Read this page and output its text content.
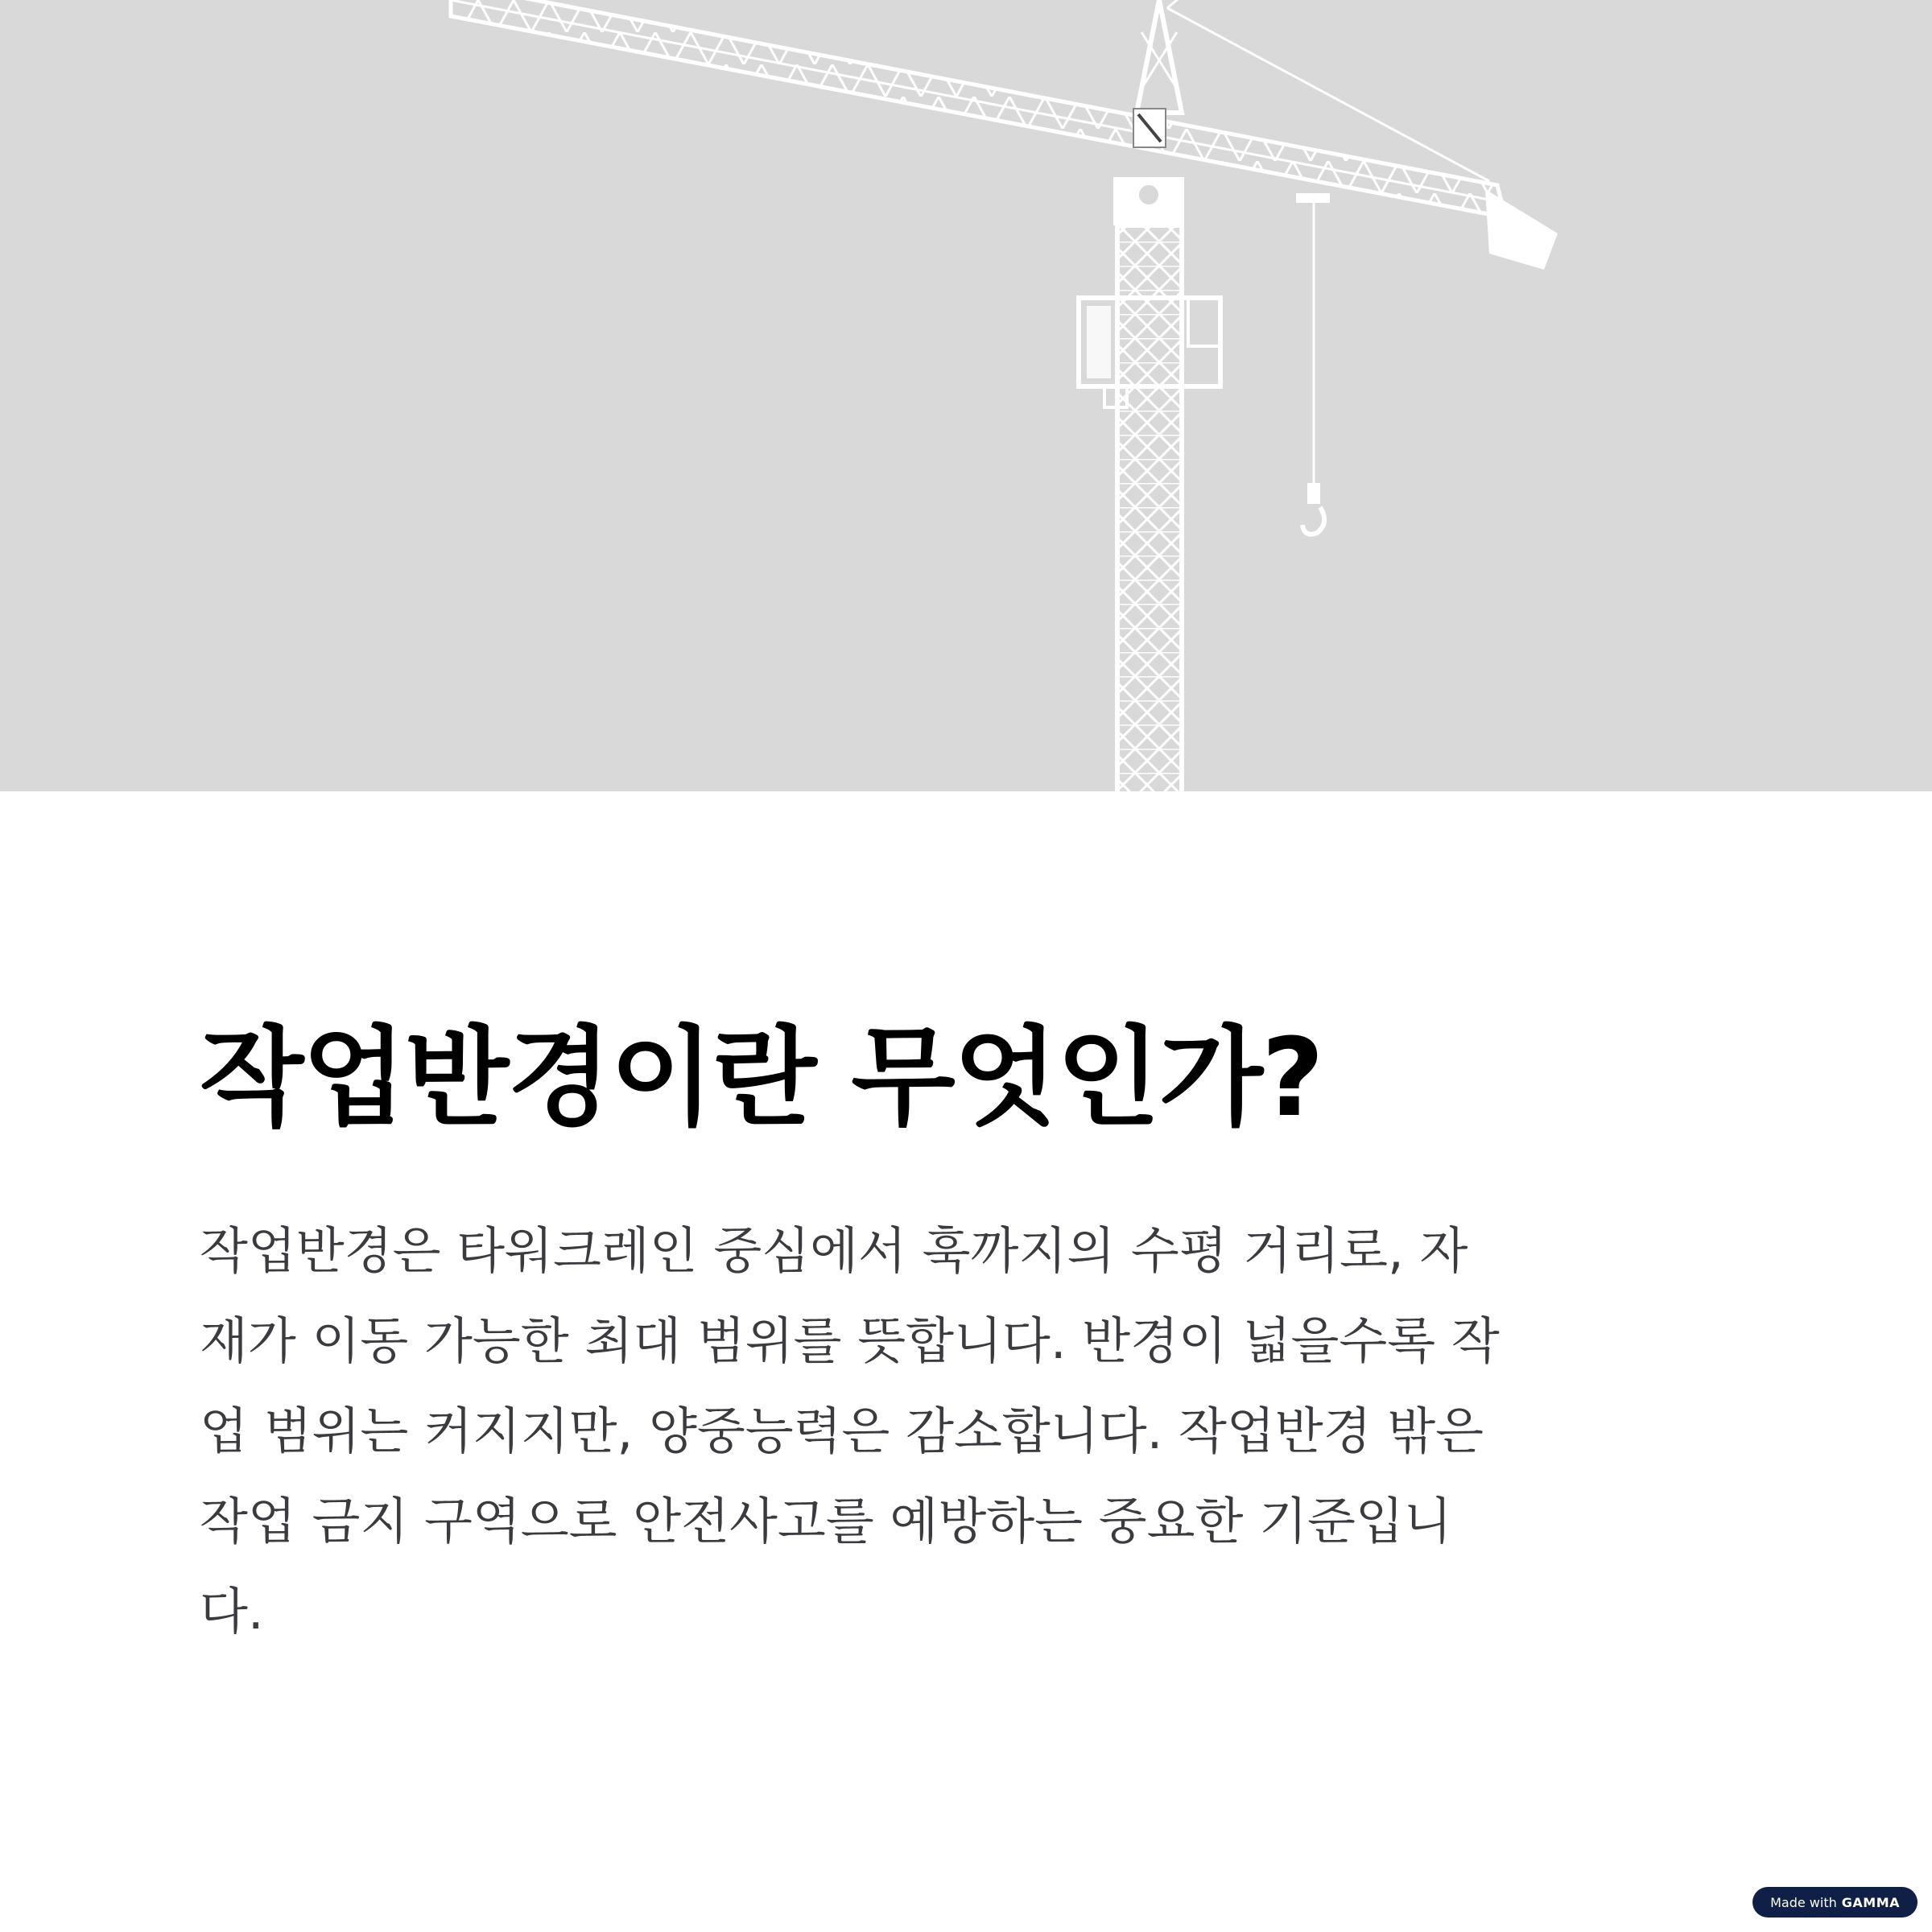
작업반경이란 무엇인가?

작업반경은 타워크레인 중심에서 훅까지의 수평 거리로, 자
재가 이동 가능한 최대 범위를 뜻합니다. 반경이 넓을수록 작
업 범위는 커지지만, 양중능력은 감소합니다. 작업반경 밖은
작업 금지 구역으로 안전사고를 예방하는 중요한 기준입니
다.

Made with GAMMA
